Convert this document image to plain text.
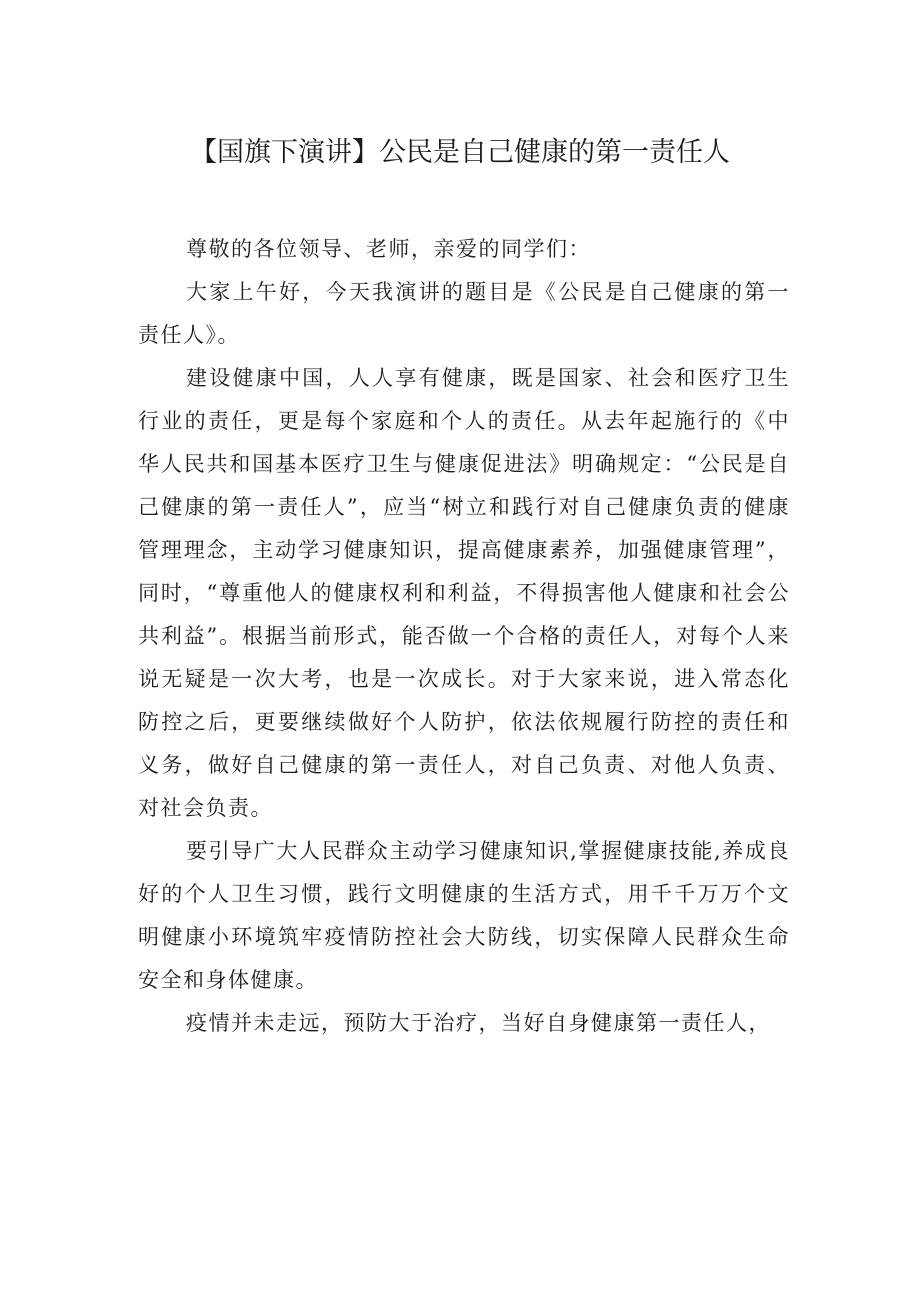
【国旗下演讲】公民是自己健康的第一责任人

尊敬的各位领导、老师，亲爱的同学们：

大家上午好，今天我演讲的题目是《公民是自己健康的第一责任人》。

建设健康中国，人人享有健康，既是国家、社会和医疗卫生行业的责任，更是每个家庭和个人的责任。从去年起施行的《中华人民共和国基本医疗卫生与健康促进法》明确规定：“公民是自己健康的第一责任人”，应当“树立和践行对自己健康负责的健康管理理念，主动学习健康知识，提高健康素养，加强健康管理”，同时，“尊重他人的健康权利和利益，不得损害他人健康和社会公共利益”。根据当前形式，能否做一个合格的责任人，对每个人来说无疑是一次大考，也是一次成长。对于大家来说，进入常态化防控之后，更要继续做好个人防护，依法依规履行防控的责任和义务，做好自己健康的第一责任人，对自己负责、对他人负责、对社会负责。

要引导广大人民群众主动学习健康知识,掌握健康技能,养成良好的个人卫生习惯，践行文明健康的生活方式，用千千万万个文明健康小环境筑牢疫情防控社会大防线，切实保障人民群众生命安全和身体健康。

疫情并未走远，预防大于治疗，当好自身健康第一责任人，
